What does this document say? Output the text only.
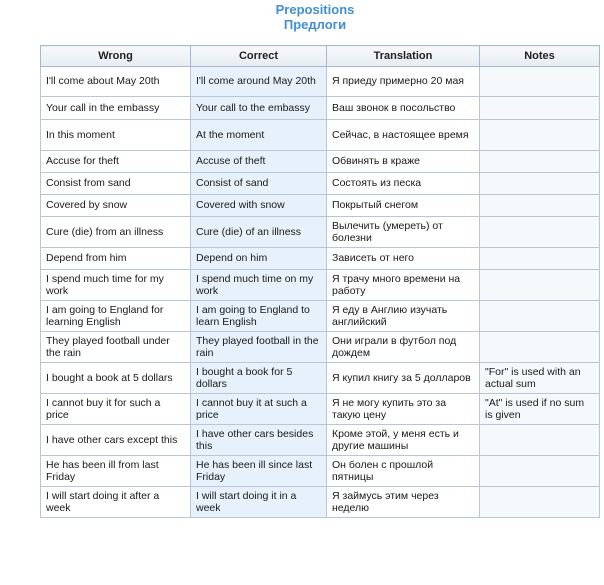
Prepositions
Предлоги
Wrong	Correct	Translation	Notes
I'll come about May 20th	I'll come around May 20th	Я приеду примерно 20 мая	
Your call in the embassy	Your call to the embassy	Ваш звонок в посольство	
In this moment	At the moment	Сейчас, в настоящее время	
Accuse for theft	Accuse of theft	Обвинять в краже	
Consist from sand	Consist of sand	Состоять из песка	
Covered by snow	Covered with snow	Покрытый снегом	
Cure (die) from an illness	Cure (die) of an illness	Вылечить (умереть) от болезни	
Depend from him	Depend on him	Зависеть от него	
I spend much time for my work	I spend much time on my work	Я трачу много времени на работу	
I am going to England for learning English	I am going to England to learn English	Я еду в Англию изучать английский	
They played football under the rain	They played football in the rain	Они играли в футбол под дождем	
I bought a book at 5 dollars	I bought a book for 5 dollars	Я купил книгу за 5 долларов	"For" is used with an actual sum
I cannot buy it for such a price	I cannot buy it at such a price	Я не могу купить это за такую цену	"At" is used if no sum is given
I have other cars except this	I have other cars besides this	Кроме этой, у меня есть и другие машины	
He has been ill from last Friday	He has been ill since last Friday	Он болен с прошлой пятницы	
I will start doing it after a week	I will start doing it in a week	Я займусь этим через неделю	
